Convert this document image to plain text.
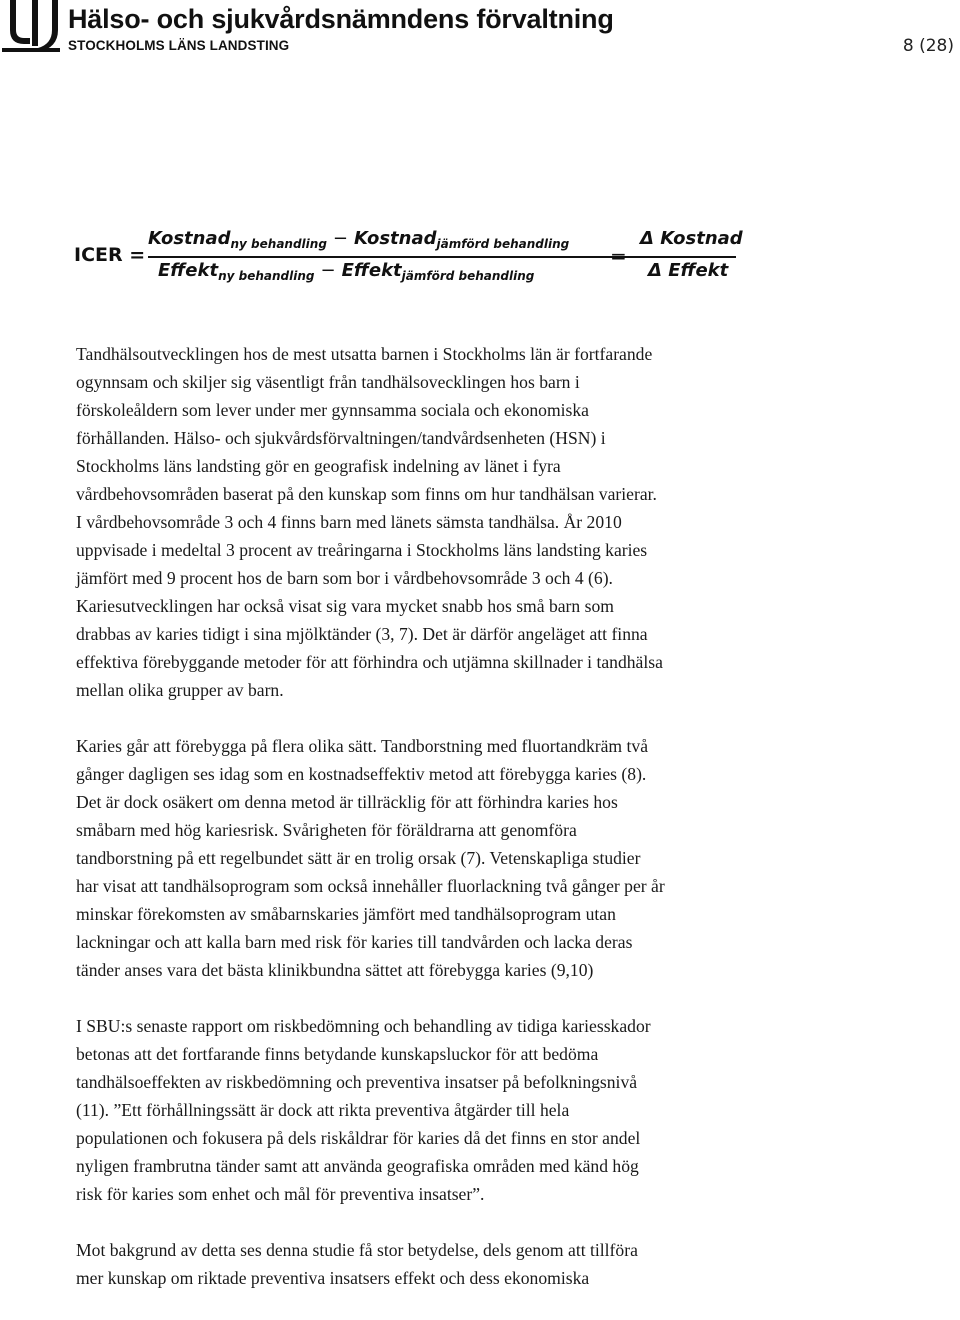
Hälso- och sjukvårdsnämndens förvaltning
STOCKHOLMS LÄNS LANDSTING	8 (28)
ICER =
Kostnad$_{ny behandling}$ − Kostnad$_{jämförd behandling}$
Effekt$_{ny behandling}$ − Effekt$_{jämförd behandling}$
=
Δ Kostnad
Δ Effekt

Tandhälsoutvecklingen hos de mest utsatta barnen i Stockholms län är fortfarande
ogynnsam och skiljer sig väsentligt från tandhälsovecklingen hos barn i
förskoleåldern som lever under mer gynnsamma sociala och ekonomiska
förhållanden. Hälso- och sjukvårdsförvaltningen/tandvårdsenheten (HSN) i
Stockholms läns landsting gör en geografisk indelning av länet i fyra
vårdbehovsområden baserat på den kunskap som finns om hur tandhälsan varierar.
I vårdbehovsområde 3 och 4 finns barn med länets sämsta tandhälsa. År 2010
uppvisade i medeltal 3 procent av treåringarna i Stockholms läns landsting karies
jämfört med 9 procent hos de barn som bor i vårdbehovsområde 3 och 4 (6).
Kariesutvecklingen har också visat sig vara mycket snabb hos små barn som
drabbas av karies tidigt i sina mjölktänder (3, 7). Det är därför angeläget att finna
effektiva förebyggande metoder för att förhindra och utjämna skillnader i tandhälsa
mellan olika grupper av barn.

Karies går att förebygga på flera olika sätt. Tandborstning med fluortandkräm två
gånger dagligen ses idag som en kostnadseffektiv metod att förebygga karies (8).
Det är dock osäkert om denna metod är tillräcklig för att förhindra karies hos
småbarn med hög kariesrisk. Svårigheten för föräldrarna att genomföra
tandborstning på ett regelbundet sätt är en trolig orsak (7). Vetenskapliga studier
har visat att tandhälsoprogram som också innehåller fluorlackning två gånger per år
minskar förekomsten av småbarnskaries jämfört med tandhälsoprogram utan
lackningar och att kalla barn med risk för karies till tandvården och lacka deras
tänder anses vara det bästa klinikbundna sättet att förebygga karies (9,10)

I SBU:s senaste rapport om riskbedömning och behandling av tidiga kariesskador
betonas att det fortfarande finns betydande kunskapsluckor för att bedöma
tandhälsoeffekten av riskbedömning och preventiva insatser på befolkningsnivå
(11). ”Ett förhållningssätt är dock att rikta preventiva åtgärder till hela
populationen och fokusera på dels riskåldrar för karies då det finns en stor andel
nyligen frambrutna tänder samt att använda geografiska områden med känd hög
risk för karies som enhet och mål för preventiva insatser”.

Mot bakgrund av detta ses denna studie få stor betydelse, dels genom att tillföra
mer kunskap om riktade preventiva insatsers effekt och dess ekonomiska
